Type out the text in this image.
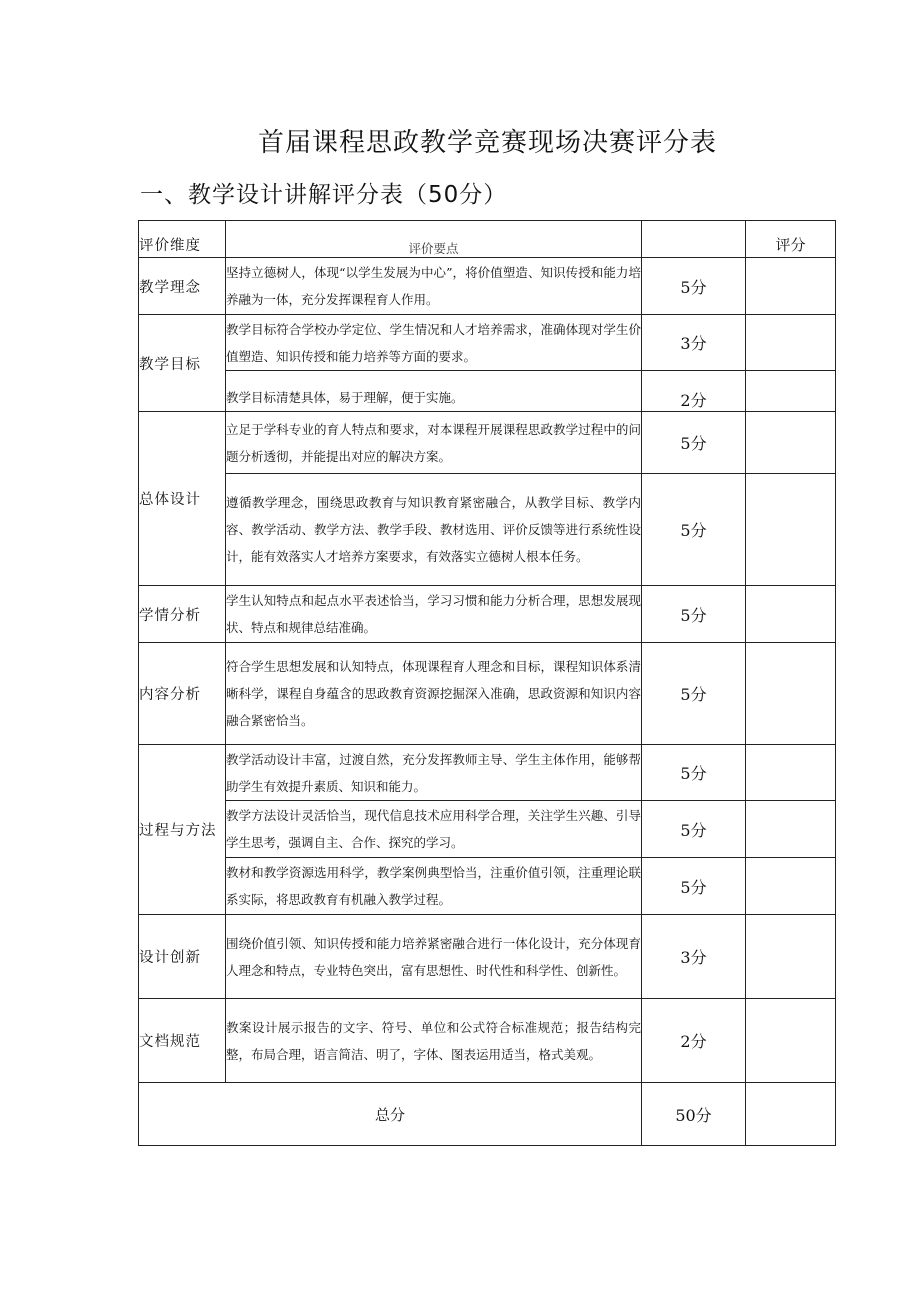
首届课程思政教学竞赛现场决赛评分表
一、教学设计讲解评分表（50分）
评价维度	评价要点		评分
教学理念	坚持立德树人，体现“以学生发展为中心”，将价值塑造、知识传授和能力培养融为一体，充分发挥课程育人作用。	5分	
教学目标	教学目标符合学校办学定位、学生情况和人才培养需求，准确体现对学生价值塑造、知识传授和能力培养等方面的要求。	3分	
	教学目标清楚具体，易于理解，便于实施。	2分	
总体设计	立足于学科专业的育人特点和要求，对本课程开展课程思政教学过程中的问题分析透彻，并能提出对应的解决方案。	5分	
	遵循教学理念，围绕思政教育与知识教育紧密融合，从教学目标、教学内容、教学活动、教学方法、教学手段、教材选用、评价反馈等进行系统性设计，能有效落实人才培养方案要求，有效落实立德树人根本任务。	5分	
学情分析	学生认知特点和起点水平表述恰当，学习习惯和能力分析合理，思想发展现状、特点和规律总结准确。	5分	
内容分析	符合学生思想发展和认知特点，体现课程育人理念和目标，课程知识体系清晰科学，课程自身蕴含的思政教育资源挖掘深入准确，思政资源和知识内容融合紧密恰当。	5分	
过程与方法	教学活动设计丰富，过渡自然，充分发挥教师主导、学生主体作用，能够帮助学生有效提升素质、知识和能力。	5分	
	教学方法设计灵活恰当，现代信息技术应用科学合理，关注学生兴趣、引导学生思考，强调自主、合作、探究的学习。	5分	
	教材和教学资源选用科学，教学案例典型恰当，注重价值引领，注重理论联系实际，将思政教育有机融入教学过程。	5分	
设计创新	围绕价值引领、知识传授和能力培养紧密融合进行一体化设计，充分体现育人理念和特点，专业特色突出，富有思想性、时代性和科学性、创新性。	3分	
文档规范	教案设计展示报告的文字、符号、单位和公式符合标准规范；报告结构完整，布局合理，语言简洁、明了，字体、图表运用适当，格式美观。	2分	
总分		50分	
